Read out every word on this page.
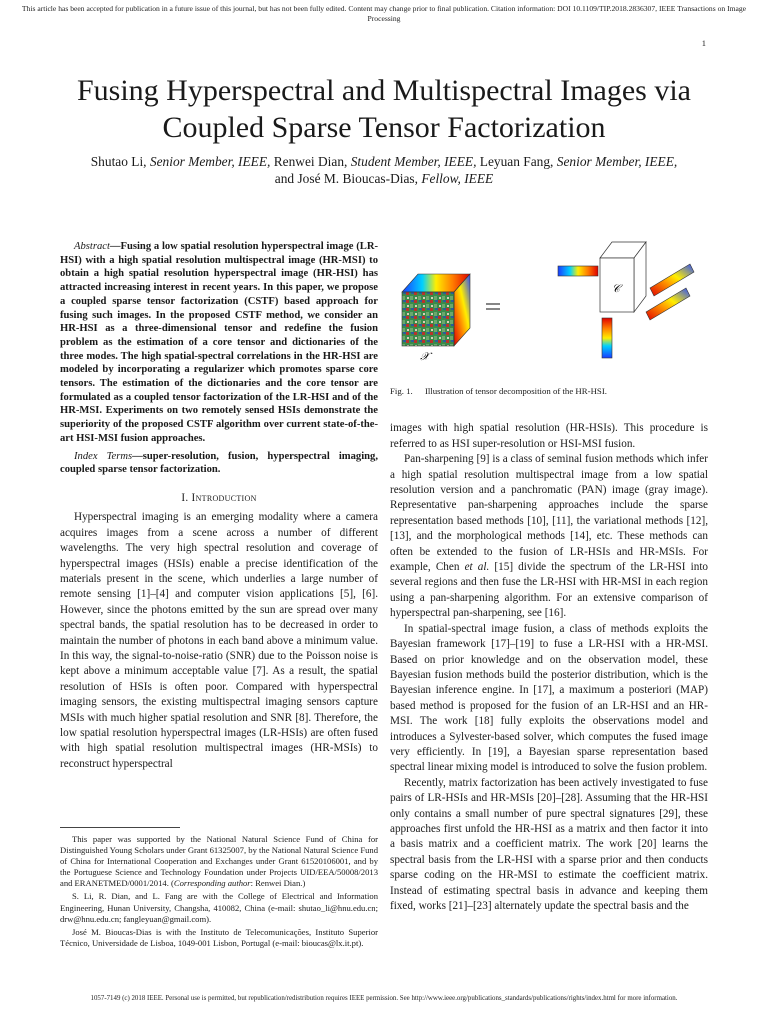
This article has been accepted for publication in a future issue of this journal, but has not been fully edited. Content may change prior to final publication. Citation information: DOI 10.1109/TIP.2018.2836307, IEEE Transactions on Image Processing
1
Fusing Hyperspectral and Multispectral Images via Coupled Sparse Tensor Factorization
Shutao Li, Senior Member, IEEE, Renwei Dian, Student Member, IEEE, Leyuan Fang, Senior Member, IEEE,
and José M. Bioucas-Dias, Fellow, IEEE

Abstract—Fusing a low spatial resolution hyperspectral image (LR-HSI) with a high spatial resolution multispectral image (HR-MSI) to obtain a high spatial resolution hyperspectral image (HR-HSI) has attracted increasing interest in recent years. In this paper, we propose a coupled sparse tensor factorization (CSTF) based approach for fusing such images. In the proposed CSTF method, we consider an HR-HSI as a three-dimensional tensor and redefine the fusion problem as the estimation of a core tensor and dictionaries of the three modes. The high spatial-spectral correlations in the HR-HSI are modeled by incorporating a regularizer which promotes sparse core tensors. The estimation of the dictionaries and the core tensor are formulated as a coupled tensor factorization of the LR-HSI and of the HR-MSI. Experiments on two remotely sensed HSIs demonstrate the superiority of the proposed CSTF algorithm over current state-of-the-art HSI-MSI fusion approaches.

Index Terms—super-resolution, fusion, hyperspectral imaging, coupled sparse tensor factorization.

I. Introduction

Hyperspectral imaging is an emerging modality where a camera acquires images from a scene across a number of different wavelengths. The very high spectral resolution and coverage of hyperspectral images (HSIs) enable a precise identification of the materials present in the scene, which underlies a large number of remote sensing [1]–[4] and computer vision applications [5], [6]. However, since the photons emitted by the sun are spread over many spectral bands, the spatial resolution has to be decreased in order to maintain the number of photons in each band above a minimum value. In this way, the signal-to-noise-ratio (SNR) due to the Poisson noise is kept above a minimum acceptable value [7]. As a result, the spatial resolution of HSIs is often poor. Compared with hyperspectral imaging sensors, the existing multispectral imaging sensors capture MSIs with much higher spatial resolution and SNR [8]. Therefore, the low spatial resolution hyperspectral images (LR-HSIs) are often fused with high spatial resolution multispectral images (HR-MSIs) to reconstruct hyperspectral

𝒳
𝒞
Fig. 1. Illustration of tensor decomposition of the HR-HSI.

images with high spatial resolution (HR-HSIs). This procedure is referred to as HSI super-resolution or HSI-MSI fusion.

Pan-sharpening [9] is a class of seminal fusion methods which infer a high spatial resolution multispectral image from a low spatial resolution version and a panchromatic (PAN) image (gray image). Representative pan-sharpening approaches include the sparse representation based methods [10], [11], the variational methods [12], [13], and the morphological methods [14], etc. These methods can often be extended to the fusion of LR-HSIs and HR-MSIs. For example, Chen et al. [15] divide the spectrum of the LR-HSI into several regions and then fuse the LR-HSI with HR-MSI in each region using a pan-sharpening algorithm. For an extensive comparison of hyperspectral pan-sharpening, see [16].

In spatial-spectral image fusion, a class of methods exploits the Bayesian framework [17]–[19] to fuse a LR-HSI with a HR-MSI. Based on prior knowledge and on the observation model, these Bayesian fusion methods build the posterior distribution, which is the Bayesian inference engine. In [17], a maximum a posteriori (MAP) based method is proposed for the fusion of an LR-HSI and an HR-MSI. The work [18] fully exploits the observations model and introduces a Sylvester-based solver, which computes the fused image very efficiently. In [19], a Bayesian sparse representation based spectral linear mixing model is introduced to solve the fusion problem.

Recently, matrix factorization has been actively investigated to fuse pairs of LR-HSIs and HR-MSIs [20]–[28]. Assuming that the HR-HSI only contains a small number of pure spectral signatures [29], these approaches first unfold the HR-HSI as a matrix and then factor it into a basis matrix and a coefficient matrix. The work [20] learns the spectral basis from the LR-HSI with a sparse prior and then conducts sparse coding on the HR-MSI to estimate the coefficient matrix. Instead of estimating spectral basis in advance and keeping them fixed, works [21]–[23] alternately update the spectral basis and the

This paper was supported by the National Natural Science Fund of China for Distinguished Young Scholars under Grant 61325007, by the National Natural Science Fund of China for International Cooperation and Exchanges under Grant 61520106001, and by the Portuguese Science and Technology Foundation under Projects UID/EEA/50008/2013 and ERANETMED/0001/2014. (Corresponding author: Renwei Dian.)

S. Li, R. Dian, and L. Fang are with the College of Electrical and Information Engineering, Hunan University, Changsha, 410082, China (e-mail: shutao_li@hnu.edu.cn; drw@hnu.edu.cn; fangleyuan@gmail.com).

José M. Bioucas-Dias is with the Instituto de Telecomunicações, Instituto Superior Técnico, Universidade de Lisboa, 1049-001 Lisbon, Portugal (e-mail: bioucas@lx.it.pt).

1057-7149 (c) 2018 IEEE. Personal use is permitted, but republication/redistribution requires IEEE permission. See http://www.ieee.org/publications_standards/publications/rights/index.html for more information.
